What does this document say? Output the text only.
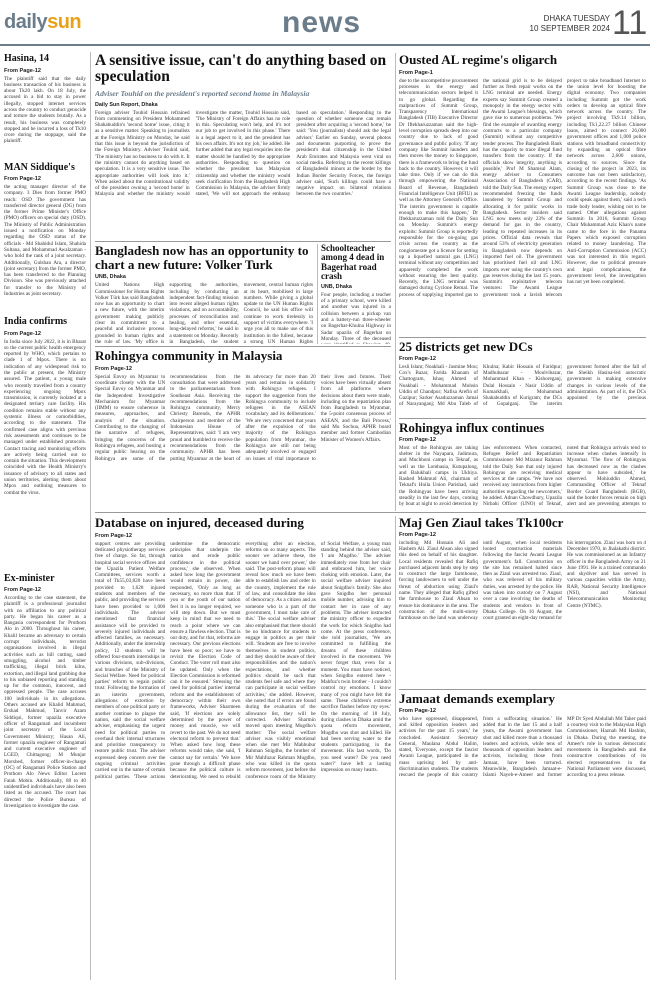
dailysun	news	DHAKA TUESDAY
10 SEPTEMBER 2024 11
Hasina, 14
From Page-12
The plaintiff said that the daily business transaction of his business is about Tk20 lakh. On 18 July, the accused in a bid to stay in power illegally, stopped internet services across the country to conduct genocide and torture the students brutally. As a result, his business was completely stopped and he incurred a loss of Tk10 crore during the stoppage, said the plaintiff.
MAN Siddique's
From Page-12
the acting manager director of the company. 3 Dies from former PMO reach: OSD The government has transferred director general (DG) from the former Prime Minister's Office (PMO) officers on special duty (OSD). The Ministry of Public Administration issued a notification on Monday regarding the OSD status of the officials - Md Shahidul Islam, Shahida Sultana, and Mohammad Awalzaman - who hold the rank of a joint secretary. Additionally, Gulshan Ara, a director (joint secretary) from the former PMO, has been transferred to the Planning Division. She was previously attached for transfer to the Ministry of Industries as joint secretary.
India confirms
From Page-12
In India since July 2022, it is in Bharat so the current public health emergency reported by WHO, which pertains to clade 1 of Mpox. There is no indication of any widespread risk to the public at present, the Ministry assured. The patient, a young male who recently travelled from a country experiencing ongoing Mpox transmission, is currently isolated at a designated tertiary care facility. His condition remains stable without any systemic illness or comorbidities, according to the statement. The confirmed case aligns with previous risk assessments and continues to be managed under established protocols. Contact tracing and monitoring efforts are actively being carried out to contain the situation. This development coincided with the Health Ministry's issuance of advisory to all states and union territories, alerting them about Mpox and outlining measures to combat the virus.
Ex-minister
From Page-12
According to the case statement, the plaintiff is a professional journalist with no affiliation to any political party. He began his career as a Bangasia correspondent for Prothom Alo in 2000. Throughout his career, Khalil became an adversary to certain corrupt individuals, terrorist organisations involved in illegal activities such as hill cutting, sand smuggling, alcohol and timber trafficking, illegal brick kilns, extortion, and illegal land grabbing due to his unbiased reporting and standing up for the common, innocent, and oppressed people. The case accuses 100 individuals in its allegations. Others accused are Khalid Mahmud, Ershad Mahmud, Tanvir Azam Siddiqui, former upazila executive officer of Rangamati and incumbent joint secretary of the Local Government Ministry; Hasan Ali, former upazila engineer of Rangamati and current executive engineer of LGED, Chittagong; M Munjur Morshed, former officer-in-charge (OC) of Rangamati Police Station and Prothom Alo News Editor Lucent Fatah Mobin. Additionally, 80 to 40 unidentified individuals have also been listed as the accused. The court has directed the Police Bureau of Investigation to investigate the case.
A sensitive issue, can't do anything based on speculation
Adviser Touhid on the president's reported second home in Malaysia
Daily Sun Report, Dhaka
Foreign adviser Touhid Hossain refrained from commenting on President Mohammed Shahabuddin's 'second home' issue, citing it as a sensitive matter. Speaking to journalists at the Foreign Ministry on Monday, he said that this issue is beyond the jurisdiction of the Foreign Ministry. Adviser Touhid said, 'The ministry has no business to do with it. It the ministry cannot do anything based on speculation. It is a very sensitive issue. The appropriate authorities will look into it.' When asked about the constitutional validity of the president owning a 'second home' in Malaysia and whether the ministry would investigate the matter, Touhid Hossain said, 'The Ministry of Foreign Affairs has no role in this. Speculating won't help, and it's not our job to get involved in this phase.' There is a legal aspect to it, and the president has his own affairs. It's not my job,' he added. He further added that any legal enquiries into the matter should be handled by the appropriate authorities. Responding to question on whether the president has Malaysian citizenship and whether the ministry would seek clarification from the Bangladesh High Commission in Malaysia, the adviser firmly stated, 'We will not approach the embassy based on speculation.' Responding to the question of whether someone can remain president after acquiring a 'second home,' he said: 'You (journalists) should ask the legal adviser.' Earlier on Sunday, several photos and documents purporting to prove the president's dual citizenship in the United Arab Emirates and Malaysia went viral on social media. Referring to the recent killings of Bangladeshi minors at the border by the Indian Border Security Forces, the foreign adviser said, 'Such killings could have a negative impact on bilateral relations between the two countries.'
Bangladesh now has an opportunity to chart a new future: Volker Turk
UNB, Dhaka
United Nations High Commissioner for Human Rights Volker Türk has said Bangladesh now has an opportunity to chart a new future, with the interim government making publicly clear its commitment to a peaceful and inclusive process grounded in human rights and the rule of law. 'My office is supporting the authorities, including by conducting an independent fact-finding mission into recent alleged human rights violations, and on accountability, processes of reconciliation and healing, and other essential, long-delayed reforms,' he said in a statement on Monday. Recently in Bangladesh, the student movement, central human rights at its heart, mobilised in large numbers. While giving a global update to the UN Human Rights Council, he said his office will continue to work tirelessly in support of victims everywhere. 'I urge you all to make use of this institution in the fullest, because a strong UN Human Rights
Schoolteacher among 4 dead in Bagerhat road crash
UNB, Dhaka
Four people, including a teacher of a primary school, were killed and another was injured in a collision between a pickup van and a battery-run three-wheeler on Bagerhat-Khulna Highway in Sadar upazila of Bagerhat on Monday. Three of the deceased
Rohingya community in Malaysia
From Page-12
Special Envoy on Myanmar to coordinate closely with the UN Special Envoy on Myanmar and the Independent Investigative Mechanism for Myanmar (IIMM) to ensure coherence in measures, approaches, and analysis of the situation. Contributing to the changing of the narrative of refugees, bringing the concerns of the Rohingya refugees, and hosting a regular public hearing on the Rohingya are some of the recommendations from the consultation that were addressed to the parliamentarians from Southeast Asia. Receiving the recommendations from the Rohingya community, Mercy Chriesty Barends, the APHR chairperson and member of the Indonesian House of Representatives, said: 'I am very proud and humbled to receive the recommendations from the community. APHR has been putting Myanmar at the heart of its advocacy for more than 20 years and remains in solidarity with Rohingya refugees. I support the suggestion from the Rohingya community to include refugees in the ASEAN vocabulary and its deliberations.' 'We are very concerned that years after the expulsion of the majority of the Rohingya population from Myanmar, the Rohingya are still not being adequately involved or engaged on issues of vital importance to their lives and futures. Their voices have been virtually absent from all platforms where decisions about them were made, including on the repatriation plan from Bangladesh to Myanmar, the 5-point consensus process of ASEAN, and the Bali Process,' said Mu Sochua, APHR board member and former Cambodian Minister of Women's Affairs.
Ousted AL regime's oligarch
From Page-1
due to the uncompetitive procurement processes in the energy and telecommunication sectors helped it to go global. Regarding the malpractices of Summit Group, Transparency International Bangladesh (TIB) Executive Director Dr Iftekharuzzaman said the high-level corruption spreads deep into our country due to lack of good governance and public policy. 'If any company like Summit launders and then moves the money to Singapore, there is a framework to bring the fund back to the country. However, it will take time. Only if we can do this through empowering the National Board of Revenue, Bangladesh Financial Intelligence Unit (BFIU) as well as the Attorney General's Office. The interim government is capable enough to make this happen,' Dr Iftekharuzzaman told the Daily Sun on Monday. Summit's energy exploits: Summit Group is reportedly responsible for the on-going gas crisis across the country as the conglomerate got a licence for setting up a liquefied natural gas (LNG) terminal without any competition and apparently completed the work without ensuring the best quality. Recently, the LNG terminal was damaged during Cyclone Remal. The process of supplying imported gas to the national grid is to be delayed further as fresh repair works on the LNG terminal are needed. Energy experts say Summit Group created a monopoly in the energy sector with the Awami League's blessings, which gave rise to numerous problems. 'We find the example of awarding energy contracts to a particular company (Summit) without any competitive tender process. The Bangladesh Bank has the capacity to trace illegal fund transfers from the country. If the officials show integrity, anything is possible,' Prof M Shamsul Alam, energy adviser to Consumers Association of Bangladesh (CAB), told the Daily Sun. The energy expert recommended freezing the funds laundered by Summit Group and allocating it for public works in Bangladesh. Sector insiders said LNG now meets only 23% of the demand for gas in the country, leading to repeated increases in its prices. Official data reveals that around 53% of electricity generation in Bangladesh now depends on imported fuel oil. The government has prioritised fuel oil and LNG imports over using the country's own gas reserves during the last 15 years. Summit's exploitative telecom ventures: The Awami League government took a lavish telecom project to take broadband Internet to the union level for boosting the digital economy. Two companies including Summit got the work orders to develop an optical fibre network across the country. The project involving Tk9.14 billion, including Tk1,22.27 billion Chinese loans, aimed to connect 26,000 government offices and 1,000 police stations with broadband connectivity by expanding an optical fibre network across 2,600 unions, according to sources. Since the closing of the project in 2023, its outcome has not been satisfactory, according to the recent findings. 'As Summit Group was close to the Awami League leadership, nobody could speak against them,' said a tech trade body leader, wishing not to be named. Other allegations against Summit: In 2016, Summit Group Chair Muhammad Aziz Khan's name came to the fore in the Panama Papers which exposed corruption related to money laundering. The Anti-Corruption Commission (ACC) was not interested in this regard. However, due to political pressure and legal complications, the government level, the investigation has not yet been completed.
25 districts get new DCs
From Page-12
Lesli Islam; Noakhali - Jasmine Mou; Cox's Bazar, Farida Khanam of Chattogram, Ishaq Ahmed of Noakhali - Mohammad Mohsin Uddin of Chandpur; Nafisa Arefin of Gazipur; Sarker Asaduzzaman Jamal of Narayanganj; Md Abu Taleb of Khulna; Kabir Hossain of Faridpur; Madhubazar - Moulvibazar, Mohammad Khan - Kishoreganj, Dulal Hossain - Nasir Uddin of Kumarkhali, Mohammad Shahabuddin of Kurigram; the DCs of Gopalganj. The interim government formed after the fall of the Sheikh Hasina-led autocratic government is making extensive changes in various levels of the administration. As part of it, the DCs appointed by the previous
Rohingya influx continues
From Page-12
Most of the Rohingyas are taking shelter in the Nayapara, Jadimura, and Muchhoni camps in Teknaf, as well as the Lombasia, Kutupalong, and Balukhali camps in Ukhiya. Rashed Mahmud Ali, chairman of Teknaf's Hnila Union Parishad, said the Rohingyas have been arriving steadily in the last few days, coming by boat at night to avoid detection by law enforcement. When contacted, Refugee Relief and Repatriation Commissioner Md Mizanur Rahman told the Daily Sun that only injured Rohingyas are receiving medical services at the camps. 'We have not received any instructions from higher authorities regarding the newcomers,' he added. Adnan Chowdhury, Upazila Nirbahi Officer (UNO) of Teknaf, noted that Rohingya arrivals tend to increase when clashes intensify in Myanmar. 'The flow of Rohingyas has decreased now as the clashes appear to have subsided,' he observed. Mohiuddin Ahmed, Commanding Officer of Teknaf Border Guard Bangladesh (BGB), said the border forces remain on high alert and are preventing attempts to
Database on injured, deceased during
From Page-12
support centres are providing dedicated physiotherapy services free of charge. So far, through hospital social service offices and the Upazila Patient Welfare Committees, services worth a total of Tk55,03,820 have been provided to 1,628 injured students and members of the public, and providing the services have been provided to 1,000 individuals. The adviser mentioned that financial assistance will be provided to severely injured individuals and affected families, as necessary. Additionally, under the internship policy, 12 students will be offered four-month internships in various divisions, sub-divisions, and branches of the Ministry of Social Welfare. Need for political parties' reform to regain public trust: Following the formation of an interim government, allegations of extortion by members of one political party or another continue to plague the nation, said the social welfare adviser, emphasising the urgent need for political parties to overhaul their internal structures and prioritise transparency to restore public trust. The adviser expressed deep concern over the ongoing criminal activities carried out in the name of certain political parties. 'These actions undermine the democratic principles that underpin the nation and erode public confidence in the political process,' she observed. When asked how long the government would remain in power, she responded, 'Only as long as necessary, no more than that. If you or the youth of our nation feel it is no longer required, we will step down. But we must keep in mind that we need to reach a point where we can ensure a flawless election. That is our duty, and for that, reforms are necessary. Our previous elections have been so poor; we have to revisit the Election Code of Conduct. The voter roll must also be updated. Only when the Election Commission is reformed can it be ensured.' Stressing the need for political parties' internal reform and the establishment of democracy within their own frameworks, Adviser Sharmeen said, 'If elections are solely determined by the power of money and muscle, we will revert to the past. We do not need electoral reform to prevent that.' When asked how long these reforms would take, she said, 'I cannot say for certain.' 'We have gone through a difficult phase because the political culture is deteriorating. We need to rebuild everything after an election, reforms on so many aspects. The sooner we achieve these, the sooner we hand over power,' she said. The post-reform phase will reveal how much we have been able to establish law and order in the country, implement the rule of law, and consolidate the idea of democracy. As a citizen and as someone who is a part of the government, I must take care of this.' The social welfare adviser also emphasised that there should be no hindrance for students to engage in politics as per their will. 'Students are free to involve themselves in student politics, and they should be aware of their responsibilities and the nation's expectations, and whether politics should be such that students feel safe and where they can participate in social welfare activities,' she added. However, she noted that if errors are found during the evaluation of the allowance list, they will be corrected. Adviser Sharmin moved upon meeting Mugdho's mother: The social welfare adviser was visibly emotional when she met Mir Mahbubur Rahman Snigdho, the brother of Mir Mahfuzur Rahman Mugdho, who was killed in the quota reform movement, just before the conference room of the Ministry of Social Welfare, a young man standing behind the adviser said, 'I am Mugdho.' The adviser immediately rose from her chair and embraced him, her voice choking with emotion. Later, the social welfare adviser inquired about Snigdho's family. She also gave Snigdho her personal mobile number, advising him to contact her in case of any problems. The adviser instructed the ministry officer to expedite the work for which Snigdho had come. At the press conference, she told journalists, 'We are committed to fulfilling the dreams of these children involved in the movement. We never forget that, even for a moment. You must have noticed, when Snigdho entered here - Mahfuz's twin brother - I couldn't control my emotions. I know many of you might have felt the same. These children's extreme sacrifice flashes before my eyes.' On the morning of 18 July, during clashes in Dhaka amid the quota reform movement, Mugdho was shot and killed. He had been serving water to the students participating in the movement. His last words, 'Do you need water? Do you need water?' have left a lasting impression on many hearts.
Maj Gen Ziaul takes Tk100cr
From Page-12
including Md Hussain Ali and Hashem Ali. Ziaul Ahsan also signed this deed on behalf of his daughter. Local residents revealed that Rafiq purchased adjacent lands step by step to construct the large farmhouse, forcing landowners to sell under the threat of abduction using Ziaul's name. They alleged that Rafiq gifted the farmhouse to Ziaul Ahsan to ensure his dominance in the area. The construction of the multi-storey farmhouse on the land was underway until August, when local residents looted construction materials following the fascist Awami League government's fall. Construction on the site has remained halted since then as Ziaul was arrested too. Ziaul, who was relieved of his military duties, was arrested by the police. He was taken into custody on 7 August over a case involving the deaths of students and vendors in front of Dhaka College. On 16 August, the court granted an eight-day remand for his interrogation. Ziaul was born on 4 December 1970, in Jhalakathi district. He was commissioned as an Infantry officer in the Bangladesh Army on 21 June 1991. He is a trained commando and skydiver and has served in various capacities within the Army, RAB, National Security Intelligence (NSI), and National Telecommunication Monitoring Centre (NTMC).
Jamaat demands exemplary
From Page-12
who have oppressed, disappeared, and killed opposition leaders and activists for the past 15 years,' he concluded. Assistant Secretary General, Maulana Abdul Halim, stated, 'Everyone, except the fascist Awami League, participated in the mass uprising led by anti-discrimination students. The students rescued the people of this country from a suffocating situation.' He added that in the last 15 and a half years, the Awami government has shot and killed more than a thousand leaders and activists, while tens of thousands of opposition leaders and activists, including those from Jamaat, have been tortured. Meanwhile, Bangladesh Jamaat-e-Islami Nayeb-e-Ameer and former MP Dr Syed Abdullah Md Taher paid a courtesy visit to the Malaysian High Commissioner, Haznah Md Hashim, in Dhaka. During the meeting, the Ameer's role in various democratic movements in Bangladesh and the constructive contributions of its elected representatives in the National Parliament were discussed, according to a press release.
